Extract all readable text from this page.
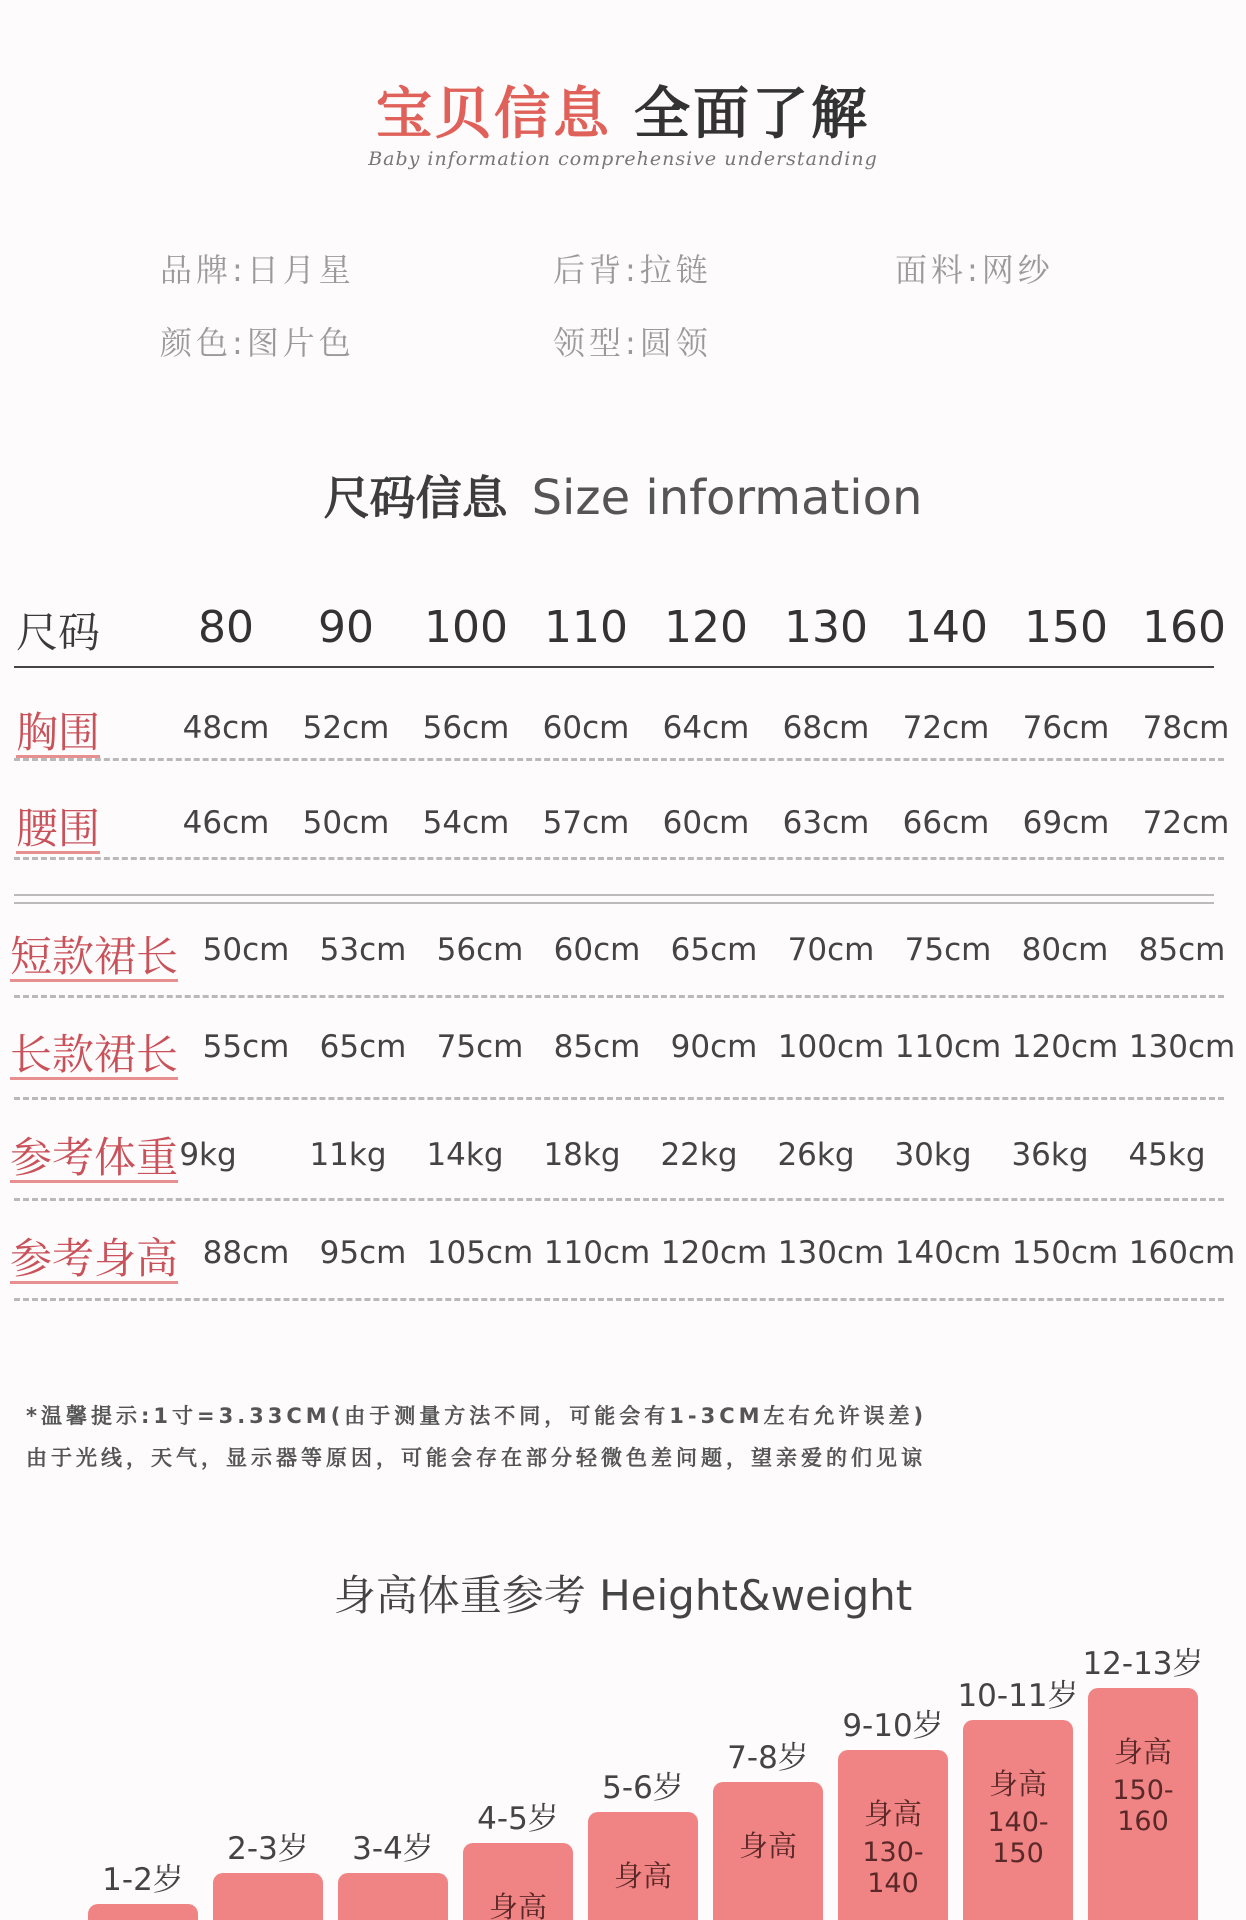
宝贝信息 全面了解
Baby information comprehensive understanding
品牌:日月星	后背:拉链	面料:网纱
颜色:图片色	领型:圆领
尺码信息 Size information
尺码	80	90	100 110 120 130 140 150 160
胸围	48cm	52cm	56cm	60cm	64cm	68cm	72cm	76cm	78cm
腰围	46cm	50cm	54cm	57cm	60cm	63cm	66cm	69cm	72cm
短款裙长 50cm 53cm 56cm 60cm 65cm 70cm 75cm 80cm 85cm
长款裙长 55cm 65cm 75cm 85cm 90cm 100cm 110cm 120cm 130cm
参考体重 9kg	11kg	14kg	18kg	22kg	26kg	30kg	36kg	45kg
参考身高 88cm 95cm 105cm 110cm 120cm 130cm 140cm 150cm 160cm
*温馨提示:1寸=3.33CM(由于测量方法不同，可能会有1-3CM左右允许误差)
由于光线，天气，显示器等原因，可能会存在部分轻微色差问题，望亲爱的们见谅
身高体重参考 Height&weight
1-2岁
2-3岁	3-4岁
身高
4-5岁
身高
5-6岁
身高
7-8岁
身高
130-140
9-10岁
身高
140-150
10-11岁
身高
150-160
12-13岁
